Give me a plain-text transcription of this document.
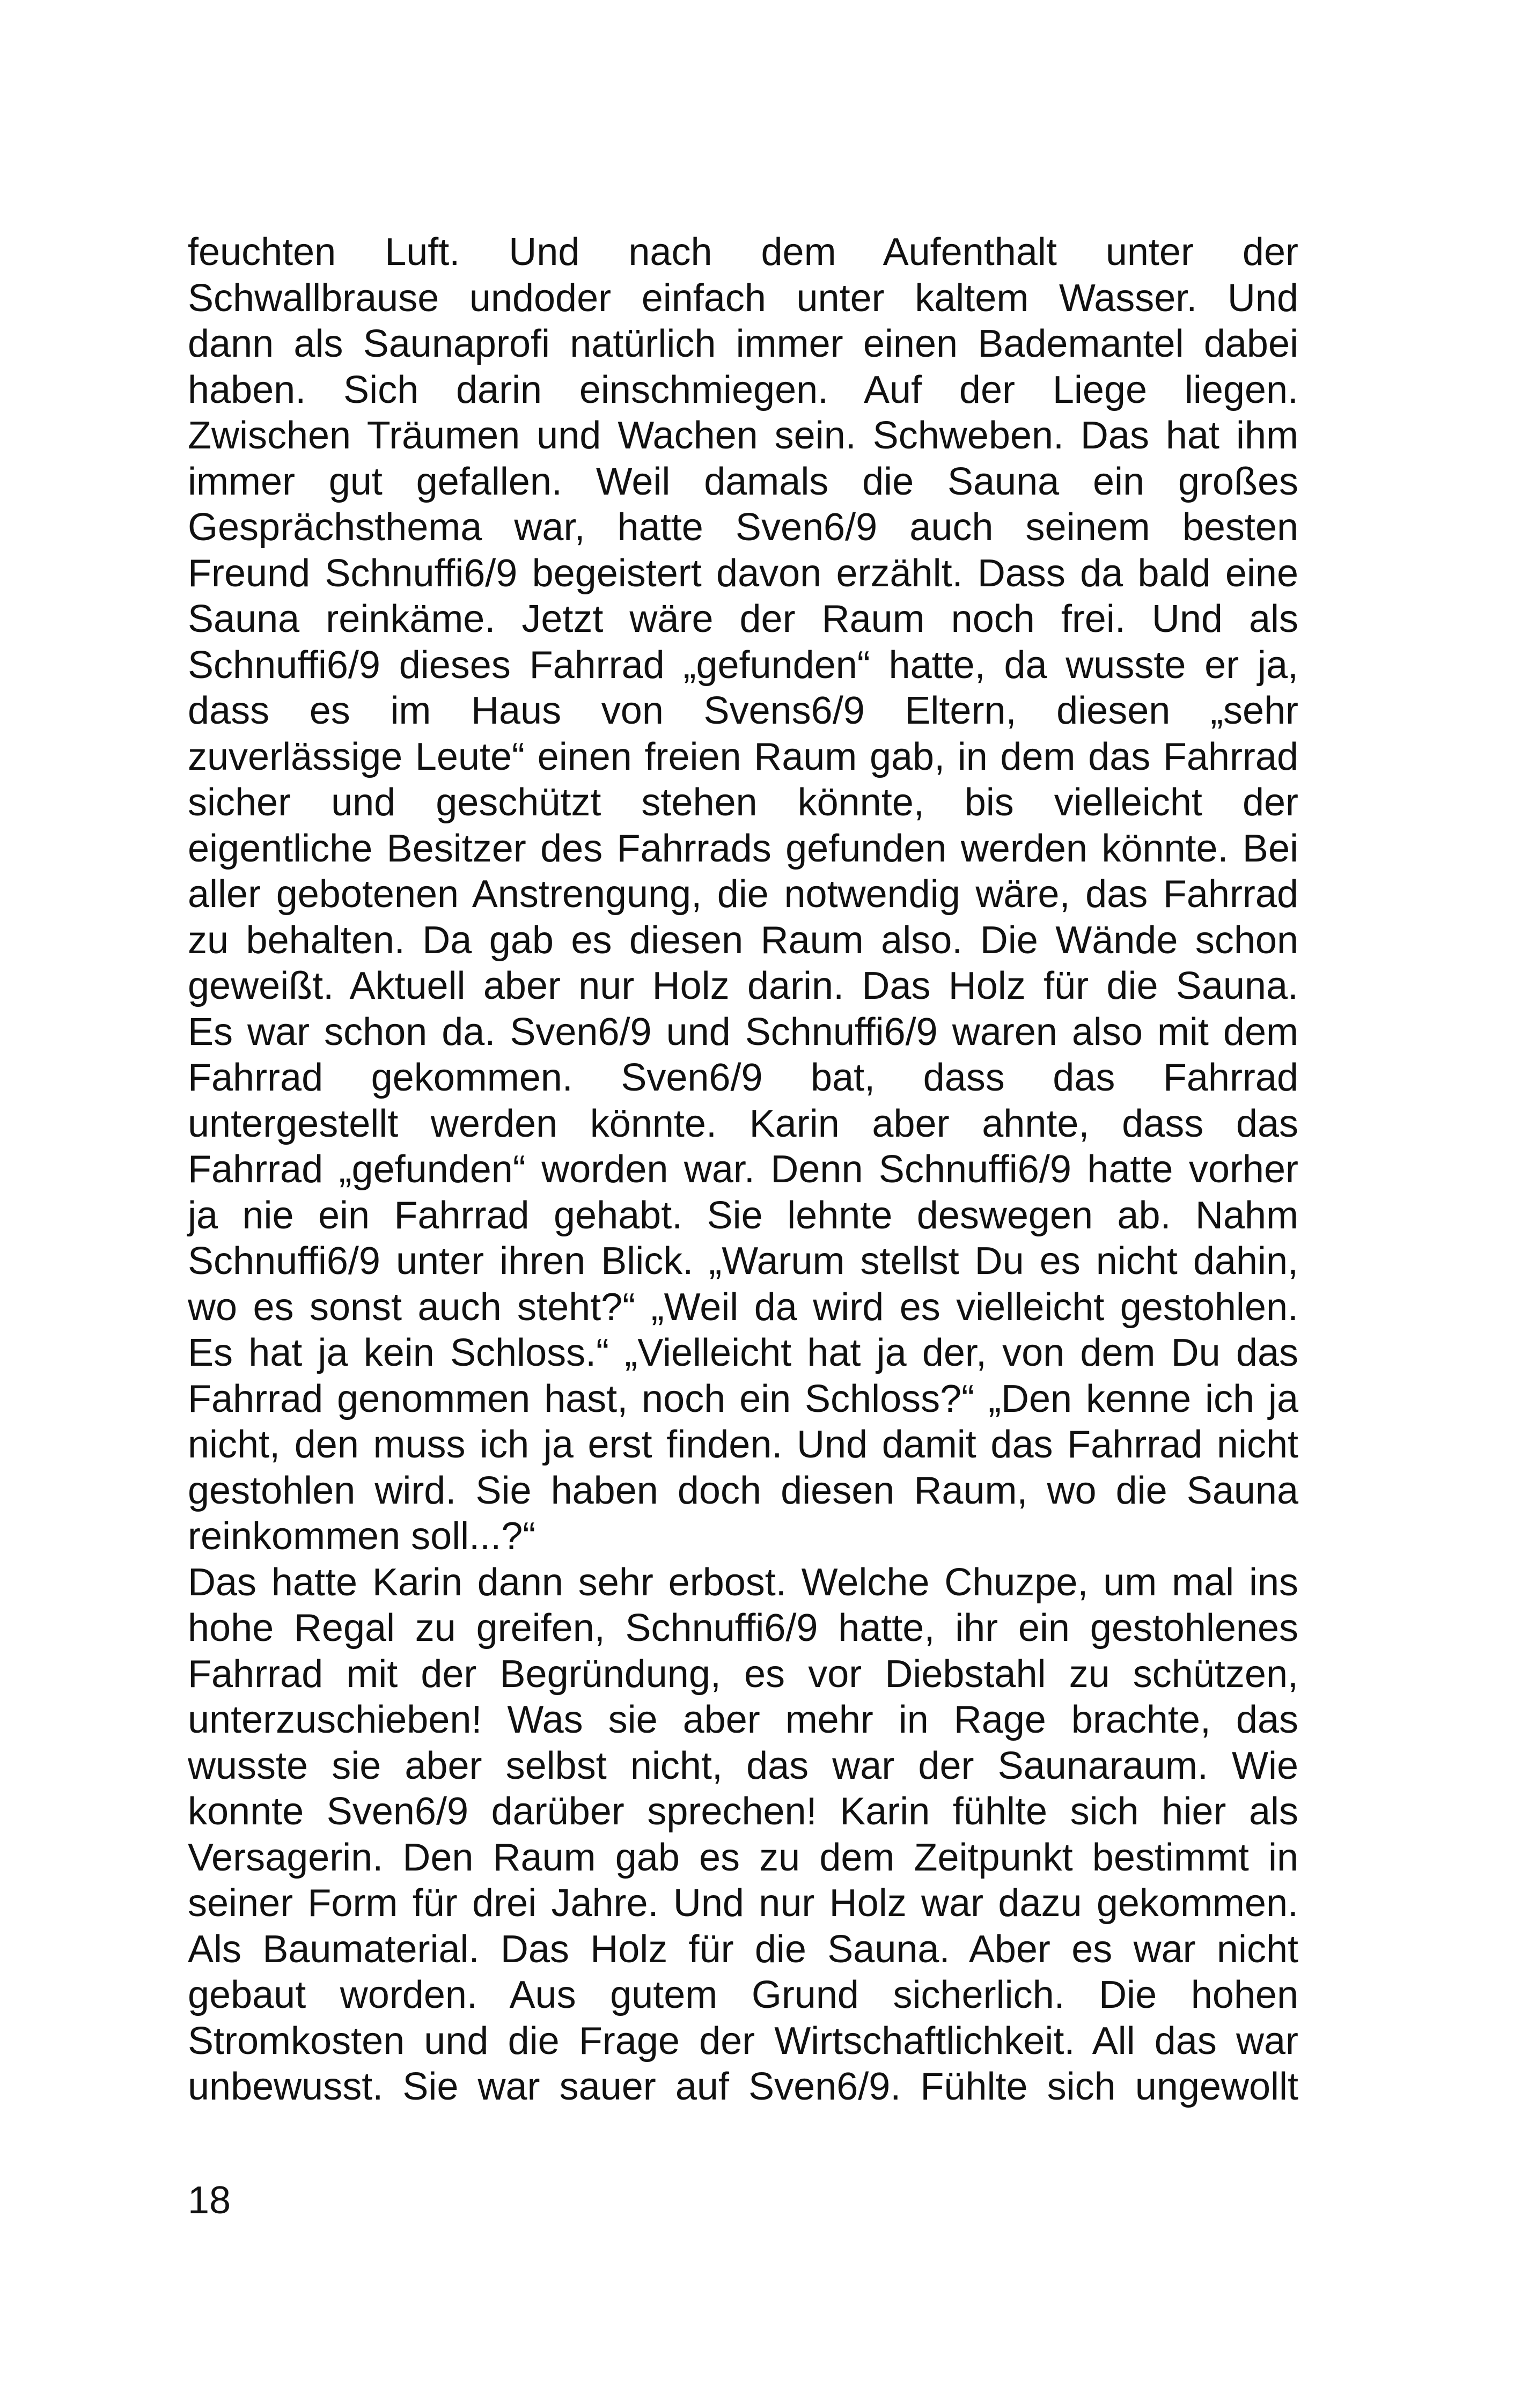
feuchten Luft. Und nach dem Aufenthalt unter der
Schwallbrause undoder einfach unter kaltem Wasser. Und
dann als Saunaprofi natürlich immer einen Bademantel dabei
haben. Sich darin einschmiegen. Auf der Liege liegen.
Zwischen Träumen und Wachen sein. Schweben. Das hat ihm
immer gut gefallen. Weil damals die Sauna ein großes
Gesprächsthema war, hatte Sven6/9 auch seinem besten
Freund Schnuffi6/9 begeistert davon erzählt. Dass da bald eine
Sauna reinkäme. Jetzt wäre der Raum noch frei. Und als
Schnuffi6/9 dieses Fahrrad „gefunden“ hatte, da wusste er ja,
dass es im Haus von Svens6/9 Eltern, diesen „sehr
zuverlässige Leute“ einen freien Raum gab, in dem das Fahrrad
sicher und geschützt stehen könnte, bis vielleicht der
eigentliche Besitzer des Fahrrads gefunden werden könnte. Bei
aller gebotenen Anstrengung, die notwendig wäre, das Fahrrad
zu behalten. Da gab es diesen Raum also. Die Wände schon
geweißt. Aktuell aber nur Holz darin. Das Holz für die Sauna.
Es war schon da. Sven6/9 und Schnuffi6/9 waren also mit dem
Fahrrad gekommen. Sven6/9 bat, dass das Fahrrad
untergestellt werden könnte. Karin aber ahnte, dass das
Fahrrad „gefunden“ worden war. Denn Schnuffi6/9 hatte vorher
ja nie ein Fahrrad gehabt. Sie lehnte deswegen ab. Nahm
Schnuffi6/9 unter ihren Blick. „Warum stellst Du es nicht dahin,
wo es sonst auch steht?“ „Weil da wird es vielleicht gestohlen.
Es hat ja kein Schloss.“ „Vielleicht hat ja der, von dem Du das
Fahrrad genommen hast, noch ein Schloss?“ „Den kenne ich ja
nicht, den muss ich ja erst finden. Und damit das Fahrrad nicht
gestohlen wird. Sie haben doch diesen Raum, wo die Sauna
reinkommen soll...?“
Das hatte Karin dann sehr erbost. Welche Chuzpe, um mal ins
hohe Regal zu greifen, Schnuffi6/9 hatte, ihr ein gestohlenes
Fahrrad mit der Begründung, es vor Diebstahl zu schützen,
unterzuschieben! Was sie aber mehr in Rage brachte, das
wusste sie aber selbst nicht, das war der Saunaraum. Wie
konnte Sven6/9 darüber sprechen! Karin fühlte sich hier als
Versagerin. Den Raum gab es zu dem Zeitpunkt bestimmt in
seiner Form für drei Jahre. Und nur Holz war dazu gekommen.
Als Baumaterial. Das Holz für die Sauna. Aber es war nicht
gebaut worden. Aus gutem Grund sicherlich. Die hohen
Stromkosten und die Frage der Wirtschaftlichkeit. All das war
unbewusst. Sie war sauer auf Sven6/9. Fühlte sich ungewollt
18
